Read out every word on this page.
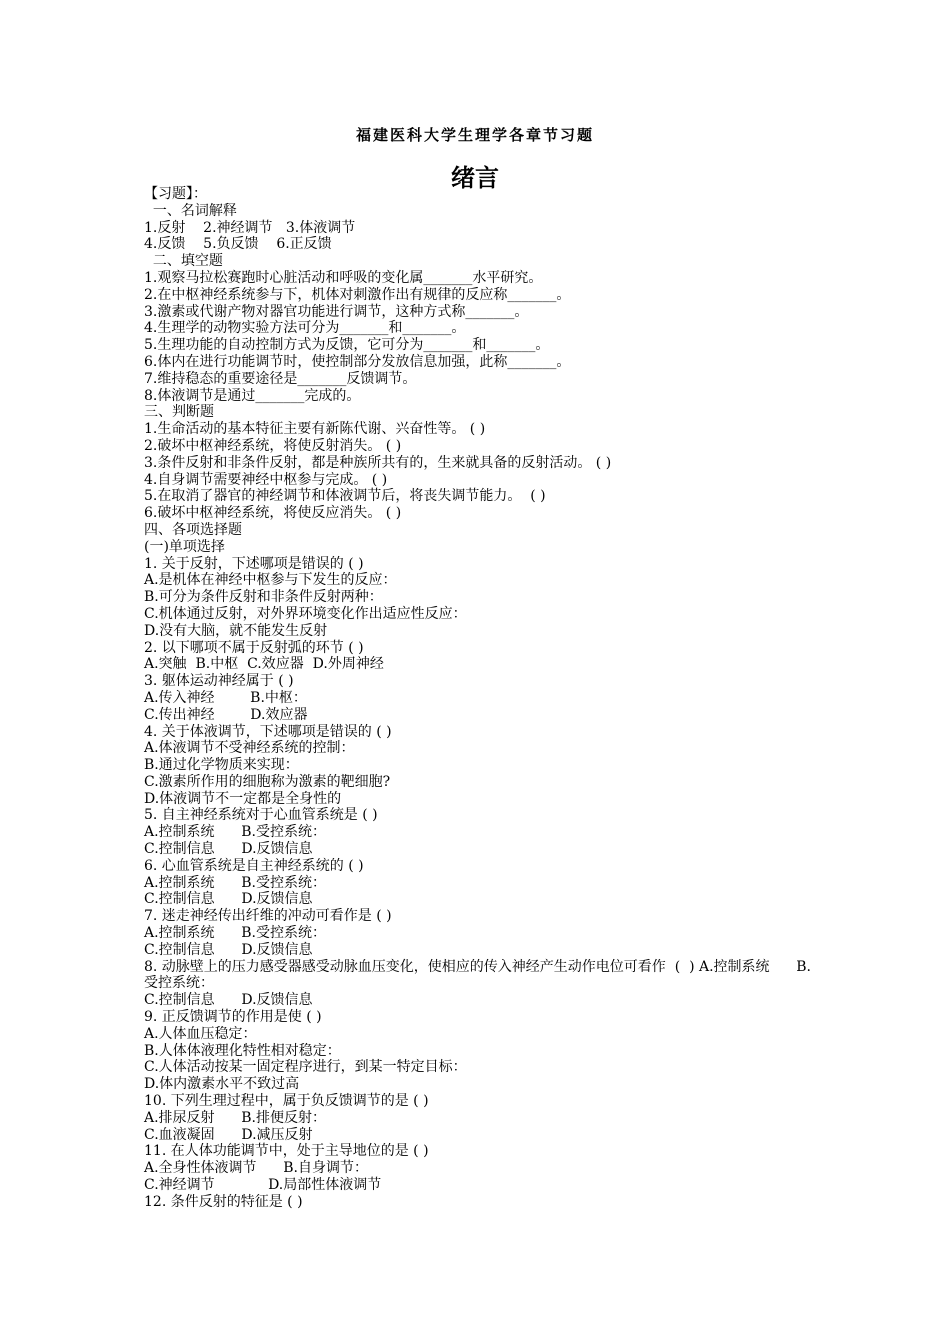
福建医科大学生理学各章节习题
绪言
【习题】：
一、名词解释
1.反射    2.神经调节   3.体液调节
4.反馈    5.负反馈    6.正反馈
二、填空题
1.观察马拉松赛跑时心脏活动和呼吸的变化属_______水平研究。
2.在中枢神经系统参与下，机体对刺激作出有规律的反应称_______。
3.激素或代谢产物对器官功能进行调节，这种方式称_______。
4.生理学的动物实验方法可分为_______和_______。
5.生理功能的自动控制方式为反馈，它可分为_______和_______。
6.体内在进行功能调节时，使控制部分发放信息加强，此称_______。
7.维持稳态的重要途径是_______反馈调节。
8.体液调节是通过_______完成的。
三、判断题
1.生命活动的基本特征主要有新陈代谢、兴奋性等。 ( )
2.破坏中枢神经系统，将使反射消失。 ( )
3.条件反射和非条件反射，都是种族所共有的，生来就具备的反射活动。 ( )
4.自身调节需要神经中枢参与完成。 ( )
5.在取消了器官的神经调节和体液调节后，将丧失调节能力。  ( )
6.破坏中枢神经系统，将使反应消失。 ( )
四、各项选择题
(一)单项选择
1. 关于反射，下述哪项是错误的 ( )
A.是机体在神经中枢参与下发生的反应：
B.可分为条件反射和非条件反射两种：
C.机体通过反射，对外界环境变化作出适应性反应：
D.没有大脑，就不能发生反射
2. 以下哪项不属于反射弧的环节 ( )
A.突触  B.中枢  C.效应器  D.外周神经
3. 躯体运动神经属于 ( )
A.传入神经        B.中枢：
C.传出神经        D.效应器
4. 关于体液调节，下述哪项是错误的 ( )
A.体液调节不受神经系统的控制：
B.通过化学物质来实现：
C.激素所作用的细胞称为激素的靶细胞?
D.体液调节不一定都是全身性的
5. 自主神经系统对于心血管系统是 ( )
A.控制系统      B.受控系统：
C.控制信息      D.反馈信息
6. 心血管系统是自主神经系统的 ( )
A.控制系统      B.受控系统：
C.控制信息      D.反馈信息
7. 迷走神经传出纤维的冲动可看作是 ( )
A.控制系统      B.受控系统：
C.控制信息      D.反馈信息
8. 动脉壁上的压力感受器感受动脉血压变化，使相应的传入神经产生动作电位可看作  (  ) A.控制系统      B.受控系统：
C.控制信息      D.反馈信息
9. 正反馈调节的作用是使 ( )
A.人体血压稳定：
B.人体体液理化特性相对稳定：
C.人体活动按某一固定程序进行，到某一特定目标：
D.体内激素水平不致过高
10. 下列生理过程中，属于负反馈调节的是 ( )
A.排尿反射      B.排便反射：
C.血液凝固      D.减压反射
11. 在人体功能调节中，处于主导地位的是 ( )
A.全身性体液调节      B.自身调节：
C.神经调节            D.局部性体液调节
12. 条件反射的特征是 ( )
